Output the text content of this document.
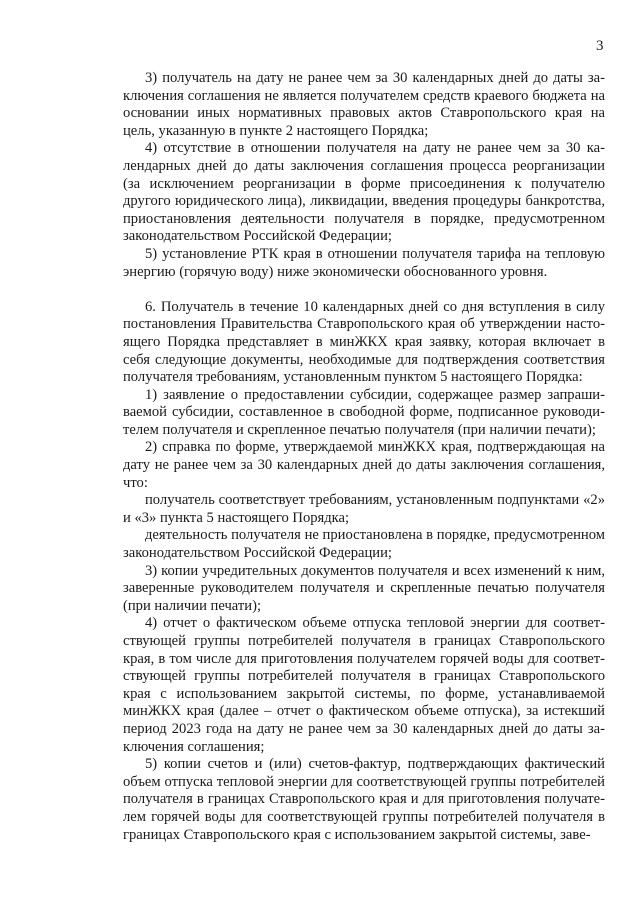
3

3) получатель на дату не ранее чем за 30 календарных дней до даты заключения соглашения не является получателем средств краевого бюджета на основании иных нормативных правовых актов Ставропольского края на цель, указанную в пункте 2 настоящего Порядка;

4) отсутствие в отношении получателя на дату не ранее чем за 30 календарных дней до даты заключения соглашения процесса реорганизации (за исключением реорганизации в форме присоединения к получателю другого юридического лица), ликвидации, введения процедуры банкротства, приостановления деятельности получателя в порядке, предусмотренном законодательством Российской Федерации;

5) установление РТК края в отношении получателя тарифа на тепловую энергию (горячую воду) ниже экономически обоснованного уровня.

6. Получатель в течение 10 календарных дней со дня вступления в силу постановления Правительства Ставропольского края об утверждении настоящего Порядка представляет в минЖКХ края заявку, которая включает в себя следующие документы, необходимые для подтверждения соответствия получателя требованиям, установленным пунктом 5 настоящего Порядка:

1) заявление о предоставлении субсидии, содержащее размер запрашиваемой субсидии, составленное в свободной форме, подписанное руководителем получателя и скрепленное печатью получателя (при наличии печати);

2) справка по форме, утверждаемой минЖКХ края, подтверждающая на дату не ранее чем за 30 календарных дней до даты заключения соглашения, что:

получатель соответствует требованиям, установленным подпунктами «2» и «3» пункта 5 настоящего Порядка;

деятельность получателя не приостановлена в порядке, предусмотренном законодательством Российской Федерации;

3) копии учредительных документов получателя и всех изменений к ним, заверенные руководителем получателя и скрепленные печатью получателя (при наличии печати);

4) отчет о фактическом объеме отпуска тепловой энергии для соответствующей группы потребителей получателя в границах Ставропольского края, в том числе для приготовления получателем горячей воды для соответствующей группы потребителей получателя в границах Ставропольского края с использованием закрытой системы, по форме, устанавливаемой минЖКХ края (далее – отчет о фактическом объеме отпуска), за истекший период 2023 года на дату не ранее чем за 30 календарных дней до даты заключения соглашения;

5) копии счетов и (или) счетов-фактур, подтверждающих фактический объем отпуска тепловой энергии для соответствующей группы потребителей получателя в границах Ставропольского края и для приготовления получателем горячей воды для соответствующей группы потребителей получателя в границах Ставропольского края с использованием закрытой системы, заве-
